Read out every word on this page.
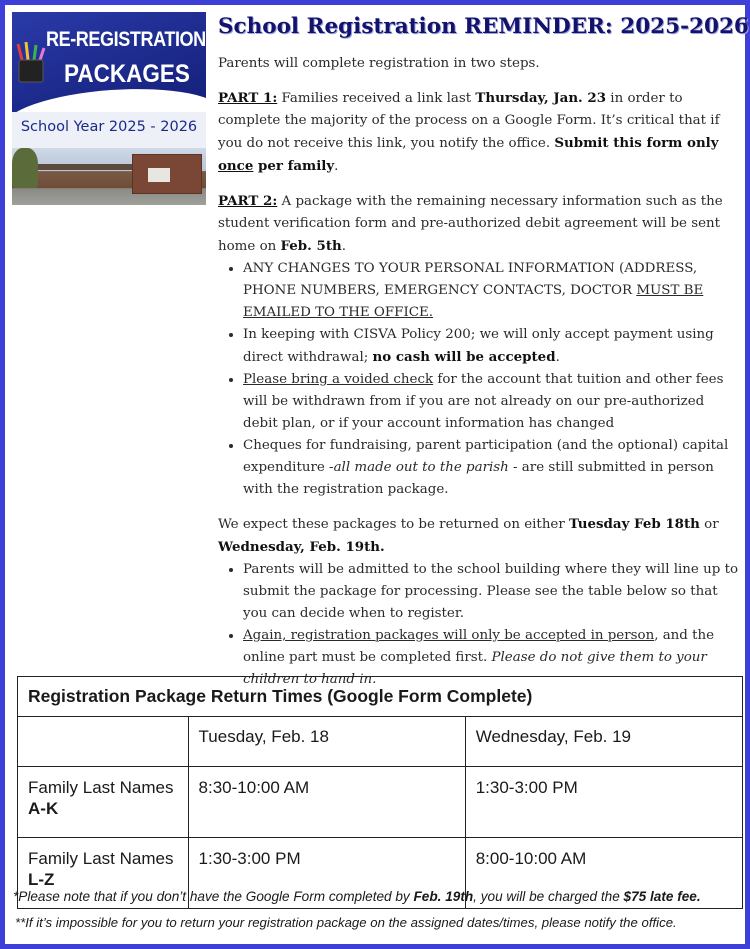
RE-REGISTRATION
PACKAGES
School Year 2025 - 2026
School Registration REMINDER: 2025-2026

Parents will complete registration in two steps.

PART 1: Families received a link last Thursday, Jan. 23 in order to complete the majority of the process on a Google Form. It’s critical that if you do not receive this link, you notify the office. Submit this form only once per family.

PART 2: A package with the remaining necessary information such as the student verification form and pre-authorized debit agreement will be sent home on Feb. 5th.

• ANY CHANGES TO YOUR PERSONAL INFORMATION (ADDRESS, PHONE NUMBERS, EMERGENCY CONTACTS, DOCTOR MUST BE EMAILED TO THE OFFICE.
• In keeping with CISVA Policy 200; we will only accept payment using direct withdrawal; no cash will be accepted.
• Please bring a voided check for the account that tuition and other fees will be withdrawn from if you are not already on our pre-authorized debit plan, or if your account information has changed
• Cheques for fundraising, parent participation (and the optional) capital expenditure -all made out to the parish - are still submitted in person with the registration package.

We expect these packages to be returned on either Tuesday Feb 18th or Wednesday, Feb. 19th.

• Parents will be admitted to the school building where they will line up to submit the package for processing. Please see the table below so that you can decide when to register.
• Again, registration packages will only be accepted in person, and the online part must be completed first. Please do not give them to your children to hand in.
Registration Package Return Times (Google Form Complete)		
	Tuesday, Feb. 18	Wednesday, Feb. 19
Family Last Names A-K	8:30-10:00 AM	1:30-3:00 PM
Family Last Names L-Z	1:30-3:00 PM	8:00-10:00 AM
*Please note that if you don’t have the Google Form completed by Feb. 19th, you will be charged the $75 late fee.
**If it’s impossible for you to return your registration package on the assigned dates/times, please notify the office.
